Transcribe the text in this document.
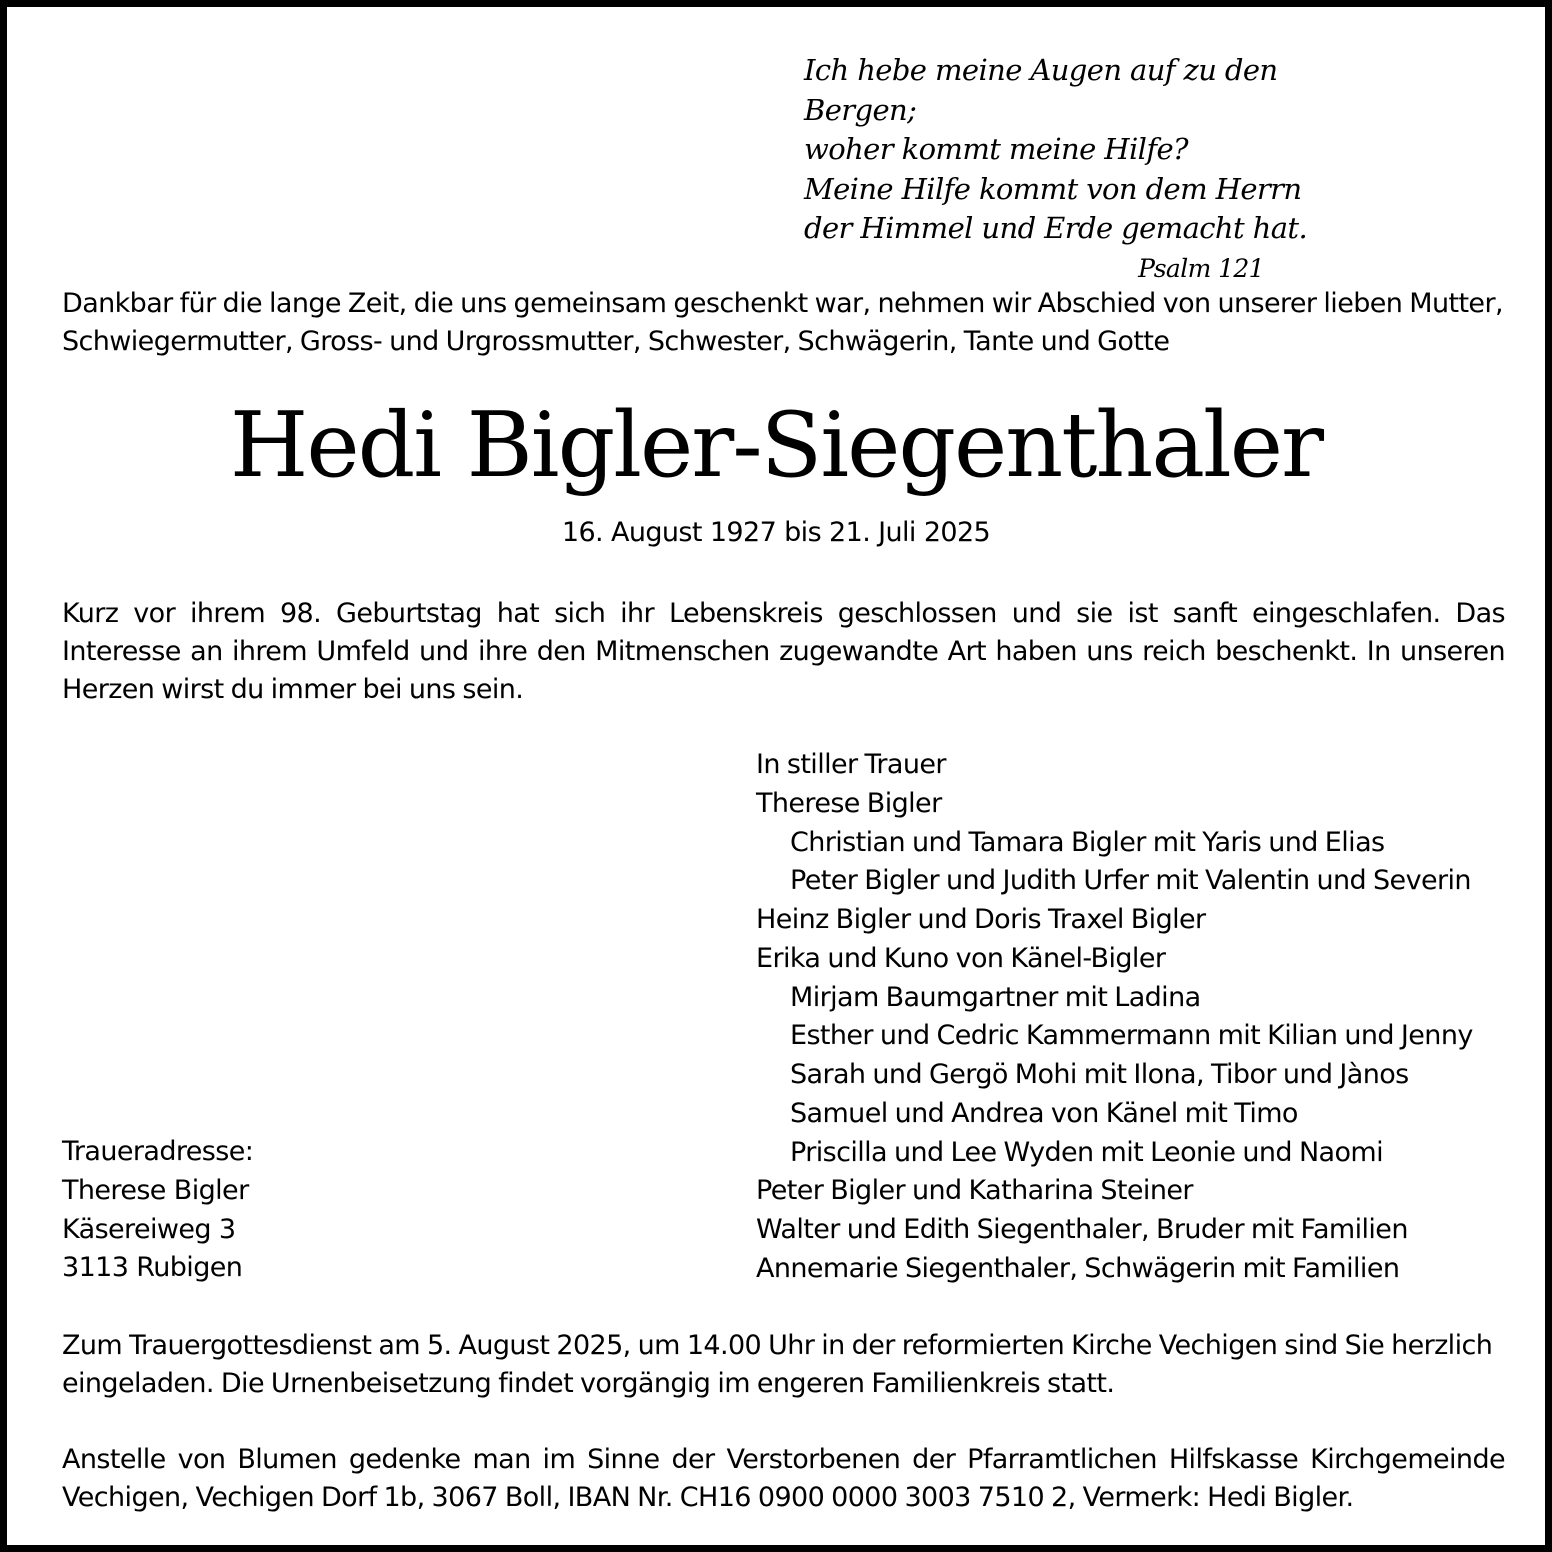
Ich hebe meine Augen auf zu den Bergen;
woher kommt meine Hilfe?
Meine Hilfe kommt von dem Herrn
der Himmel und Erde gemacht hat.
Psalm 121
Dankbar für die lange Zeit, die uns gemeinsam geschenkt war, nehmen wir Abschied von unserer lieben Mutter,
Schwiegermutter, Gross- und Urgrossmutter, Schwester, Schwägerin, Tante und Gotte
Hedi Bigler-Siegenthaler
16. August 1927 bis 21. Juli 2025
Kurz vor ihrem 98. Geburtstag hat sich ihr Lebenskreis geschlossen und sie ist sanft eingeschlafen. Das Interesse an ihrem Umfeld und ihre den Mitmenschen zugewandte Art haben uns reich beschenkt. In unseren Herzen wirst du immer bei uns sein.
In stiller Trauer
Therese Bigler
Christian und Tamara Bigler mit Yaris und Elias
Peter Bigler und Judith Urfer mit Valentin und Severin
Heinz Bigler und Doris Traxel Bigler
Erika und Kuno von Känel-Bigler
Mirjam Baumgartner mit Ladina
Esther und Cedric Kammermann mit Kilian und Jenny
Sarah und Gergö Mohi mit Ilona, Tibor und Jànos
Samuel und Andrea von Känel mit Timo
Priscilla und Lee Wyden mit Leonie und Naomi
Peter Bigler und Katharina Steiner
Walter und Edith Siegenthaler, Bruder mit Familien
Annemarie Siegenthaler, Schwägerin mit Familien
Traueradresse:
Therese Bigler
Käsereiweg 3
3113 Rubigen
Zum Trauergottesdienst am 5. August 2025, um 14.00 Uhr in der reformierten Kirche Vechigen sind Sie herzlich
eingeladen. Die Urnenbeisetzung findet vorgängig im engeren Familienkreis statt.
Anstelle von Blumen gedenke man im Sinne der Verstorbenen der Pfarramtlichen Hilfskasse Kirchgemeinde Vechigen, Vechigen Dorf 1b, 3067 Boll, IBAN Nr. CH16 0900 0000 3003 7510 2, Vermerk: Hedi Bigler.
